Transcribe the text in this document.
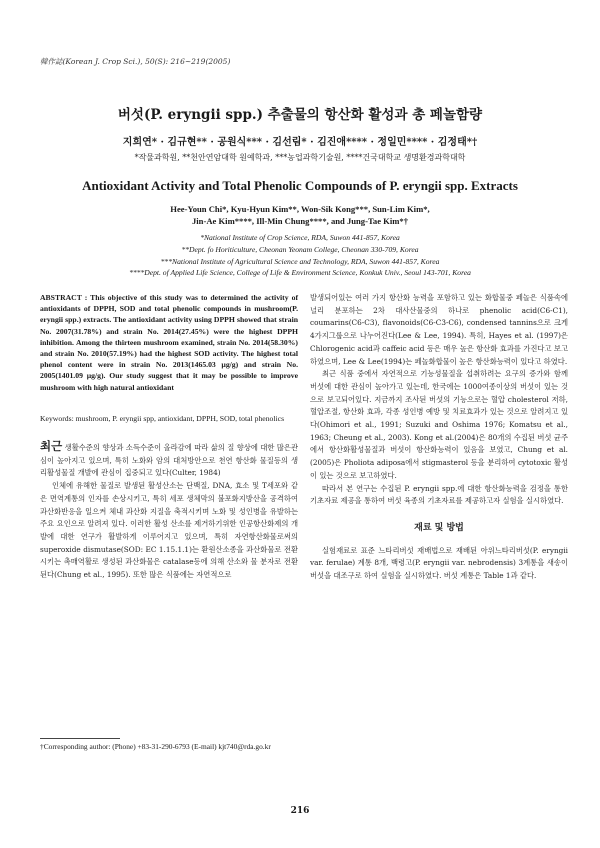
韓作誌(Korean J. Crop Sci.), 50(S): 216~219(2005)
버섯(P. eryngii spp.) 추출물의 항산화 활성과 총 페놀함량
지희연* · 김규현** · 공원식*** · 김선림* · 김진애**** · 정일민**** · 김정태*†
*작물과학원, **천안연암대학 원예학과, ***농업과학기술원, ****건국대학교 생명환경과학대학
Antioxidant Activity and Total Phenolic Compounds of P. eryngii spp. Extracts
Hee-Youn Chi*, Kyu-Hyun Kim**, Won-Sik Kong***, Sun-Lim Kim*,
Jin-Ae Kim****, Ill-Min Chung****, and Jung-Tae Kim*†
*National Institute of Crop Science, RDA, Suwon 441-857, Korea
**Dept. fo Horiticulture, Cheonan Yeonam College, Cheonan 330-709, Korea
***National Institute of Agricultural Science and Technology, RDA, Suwon 441-857, Korea
****Dept. of Applied Life Science, College of Life & Environment Science, Konkuk Univ., Seoul 143-701, Korea
ABSTRACT : This objective of this study was to determined the activity of antioxidants of DPPH, SOD and total phenolic compounds in mushroom(P. eryngii spp.) extracts. The antioxidant activity using DPPH showed that strain No. 2007(31.78%) and strain No. 2014(27.45%) were the highest DPPH inhibition. Among the thirteen mushroom examined, strain No. 2014(58.30%) and strain No. 2010(57.19%) had the highest SOD activity. The highest total phenol content were in strain No. 2013(1465.03 µg/g) and strain No. 2005(1401.09 µg/g). Our study suggest that it may be possible to improve mushroom with high natural antioxidant
Keywords: mushroom, P. eryngii spp, antioxidant, DPPH, SOD, total phenolics

최근 생활수준의 향상과 소득수준이 올라감에 따라 삶의 질 향상에 대한 많은관심이 높아지고 있으며, 특히 노화와 암의 대처방안으로 천연 항산화 물질등의 생리활성물질 개발에 관심이 집중되고 있다(Culter, 1984)

인체에 유해한 물질로 발생된 활성산소는 단백질, DNA, 효소 및 T세포와 같은 면역계통의 인자를 손상시키고, 특히 세포 생체막의 불포화지방산을 공격하여 과산화반응을 일으켜 체내 과산화 지질을 축적시키며 노화 및 성인병을 유발하는 주요 요인으로 알려져 있다. 이러한 활성 산소를 제거하기위한 인공항산화제의 개발에 대한 연구가 활발하게 이루어지고 있으며, 특히 자연항산화물로써의 superoxide dismutase(SOD: EC 1.15.1.1)는 환원산소종을 과산화물로 전환시키는 촉매역활로 생성된 과산화물은 catalase등에 의해 산소와 물 분자로 전환된다(Chung et al., 1995). 또한 많은 식품에는 자연적으로

†Corresponding author: (Phone) +83-31-290-6793 (E-mail) kjt740@rda.go.kr

발생되어있는 여러 가지 항산화 능력을 포함하고 있는 화합물중 페놀은 식품속에 널리 분포하는 2차 대사산물중의 하나로 phenolic acid(C6-C1), coumarins(C6-C3), flavonoids(C6-C3-C6), condensed tannins으로 크게 4가지그룹으로 나누어진다(Lee & Lee, 1994). 특히, Hayes et al. (1997)은 Chlorogenic acid과 caffeic acid 등은 매우 높은 항산화 효과를 가진다고 보고하였으며, Lee & Lee(1994)는 페놀화합물이 높은 항산화능력이 있다고 하였다.

최근 식품 중에서 자연적으로 기능성물질을 섭취하려는 요구의 증가와 함께 버섯에 대한 관심이 높아가고 있는데, 한국에는 1000여종이상의 버섯이 있는 것으로 보고되어있다. 지금까지 조사된 버섯의 기능으로는 혈압 cholesterol 저하, 혈압조절, 항산화 효과, 각종 성인병 예방 및 치료효과가 있는 것으로 알려지고 있다(Ohimori et al., 1991; Suzuki and Oshima 1976; Komatsu et al., 1963; Cheung et al., 2003). Kong et al.(2004)은 80개의 수집된 버섯 균주에서 항산화활성물질과 버섯이 항산화능력이 있음을 보였고, Chung et al.(2005)은 Pholiota adiposa에서 stigmasterol 등을 분리하여 cytotoxic 활성이 있는 것으로 보고하였다.

따라서 본 연구는 수집된 P. eryngii spp.에 대한 항산화능력을 검정을 통한 기초자료 제공을 통하여 버섯 육종의 기초자료를 제공하고자 실험을 실시하였다.

재료 및 방법

실험재료로 표준 느타리버섯 재배법으로 재배된 아위느타리버섯(P. eryngii var. ferulae) 계통 8개, 백령고(P. eryngii var. nebrodensis) 3계통을 새송이 버섯을 대조구로 하여 실험을 실시하였다. 버섯 계통은 Table 1과 같다.

216
